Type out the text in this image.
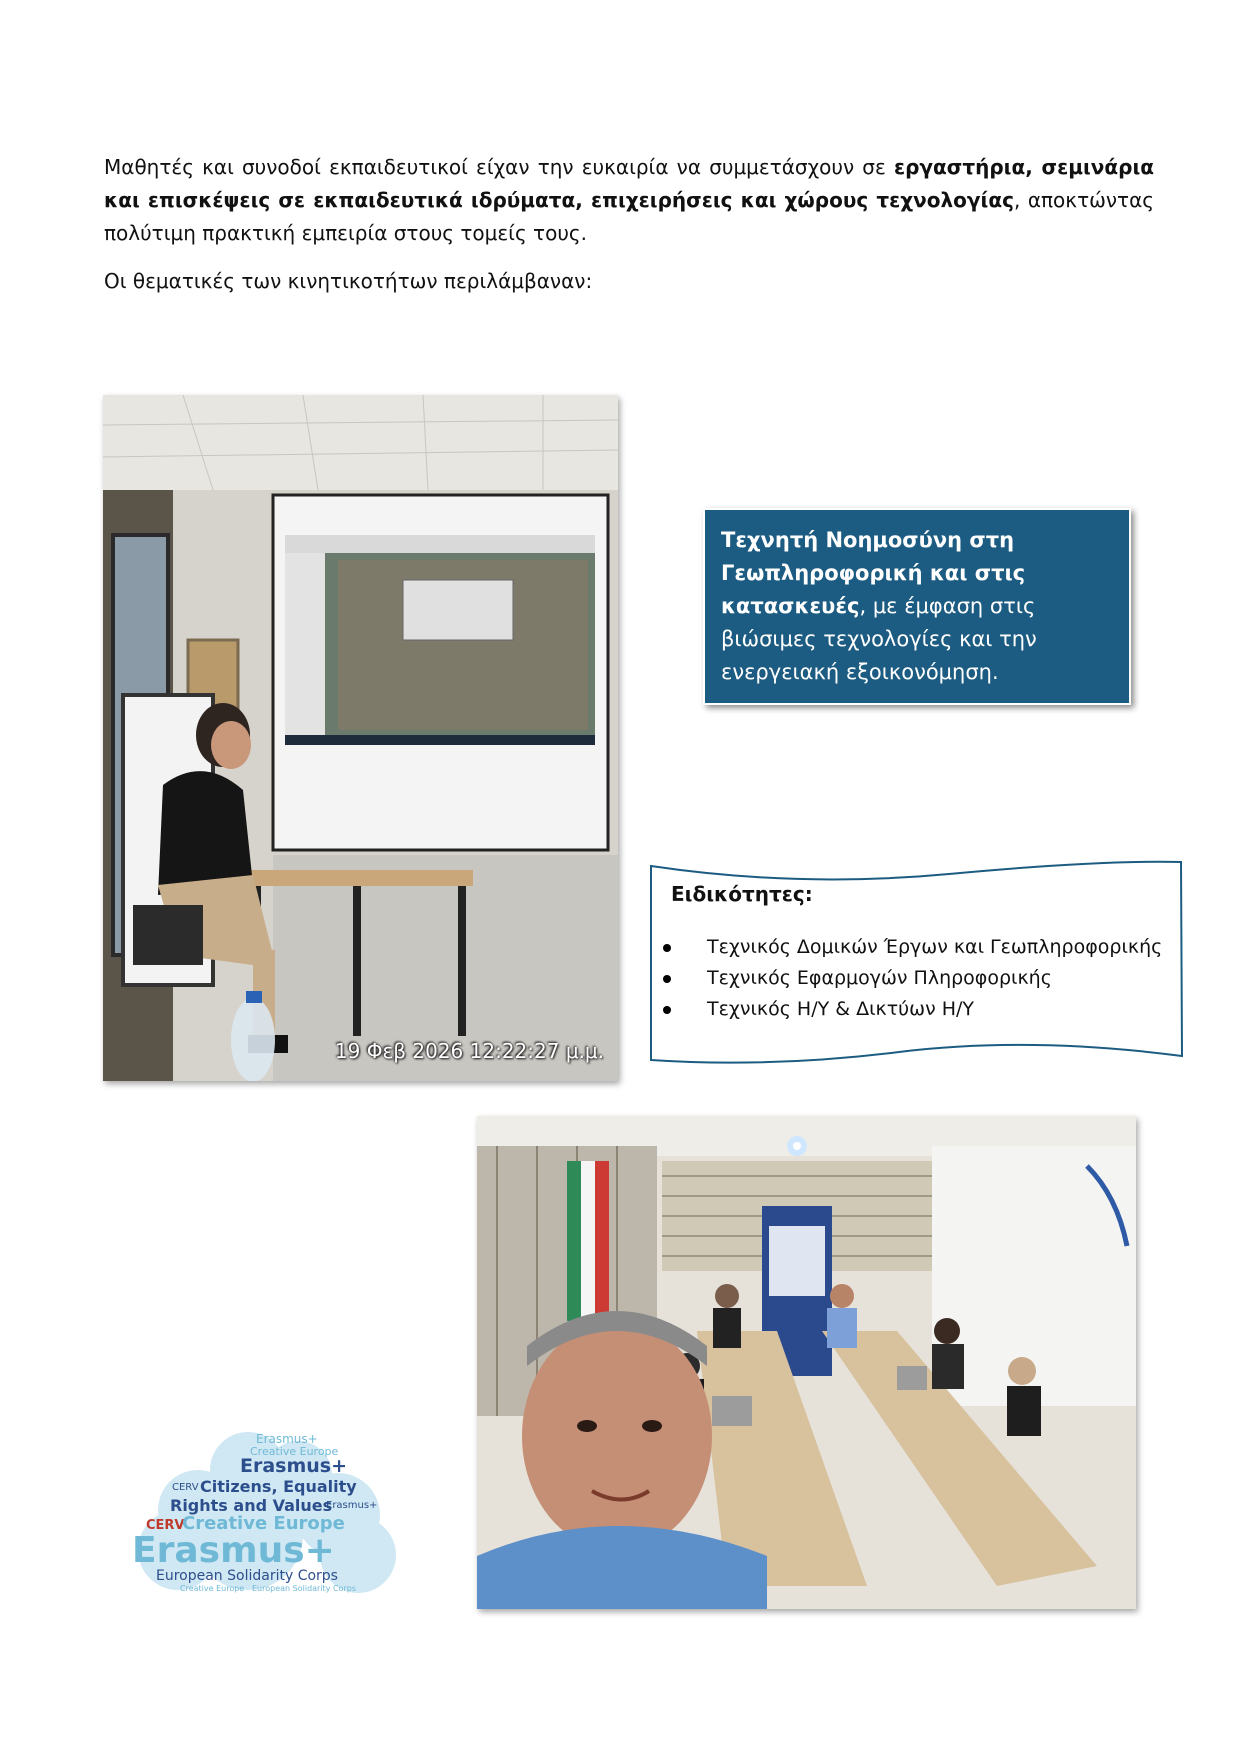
Μαθητές και συνοδοί εκπαιδευτικοί είχαν την ευκαιρία να συμμετάσχουν σε εργαστήρια, σεμινάρια και επισκέψεις σε εκπαιδευτικά ιδρύματα, επιχειρήσεις και χώρους τεχνολογίας, αποκτώντας πολύτιμη πρακτική εμπειρία στους τομείς τους.

Οι θεματικές των κινητικοτήτων περιλάμβαναν:

19 Φεβ 2026 12:22:27 μ.μ.
Τεχνητή Νοημοσύνη στη Γεωπληροφορική και στις κατασκευές, με έμφαση στις βιώσιμες τεχνολογίες και την ενεργειακή εξοικονόμηση.
Ειδικότητες:
Τεχνικός Δομικών Έργων και Γεωπληροφορικής
Τεχνικός Εφαρμογών Πληροφορικής
Τεχνικός Η/Υ & Δικτύων Η/Υ
Erasmus+
Creative Europe
Erasmus+
CERV Citizens, Equality
Rights and Values
Erasmus+
CERV
Creative Europe
Erasmus+
European Solidarity Corps
Creative Europe European Solidarity Corps
